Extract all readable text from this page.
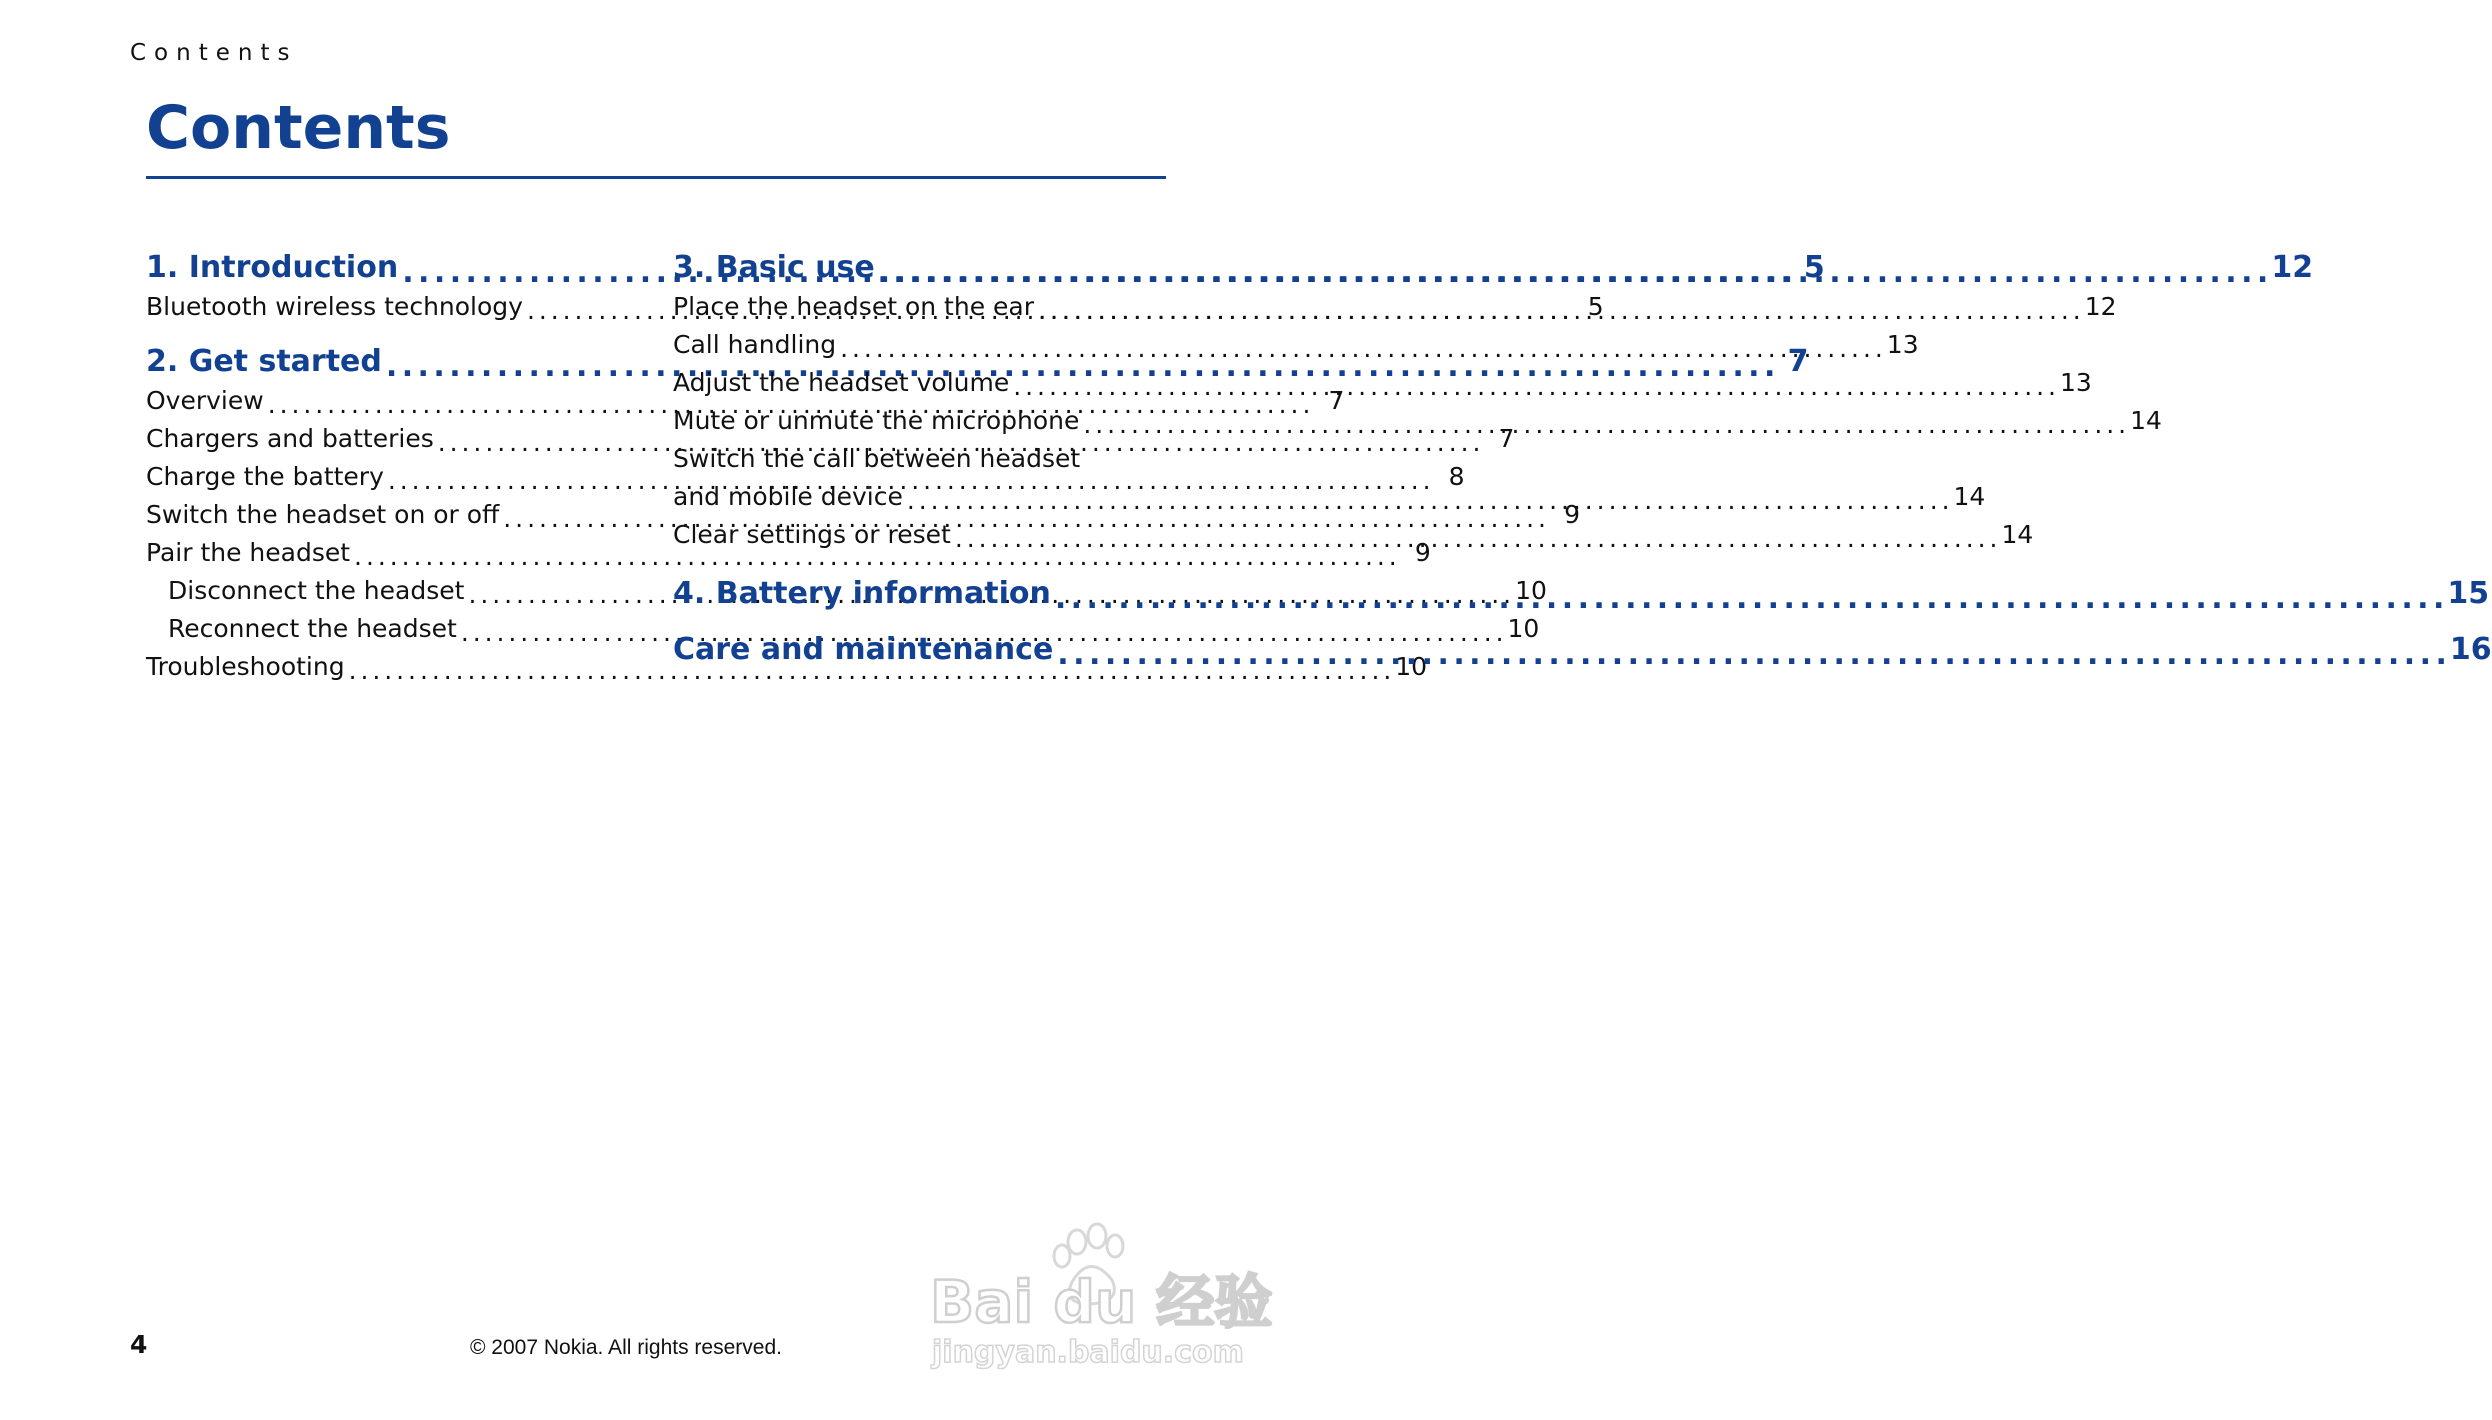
Contents
Contents
1. Introduction . . .	5
Bluetooth wireless technology . . .	5
2. Get started . . .	7
Overview . . .	7
Chargers and batteries . . .	7
Charge the battery . . .	8
Switch the headset on or off . . .	9
Pair the headset . . .	9
Disconnect the headset . . .	10
Reconnect the headset . . .	10
Troubleshooting . . .	10
3. Basic use . . .	12
Place the headset on the ear . . .	12
Call handling . . .	13
Adjust the headset volume . . .	13
Mute or unmute the microphone . . .	14
Switch the call between headset
and mobile device . . .	14
Clear settings or reset . . .	14
4. Battery information . . .	15
Care and maintenance . . .	16
4	© 2007 Nokia. All rights reserved.
Bai du 经验
jingyan.baidu.com
